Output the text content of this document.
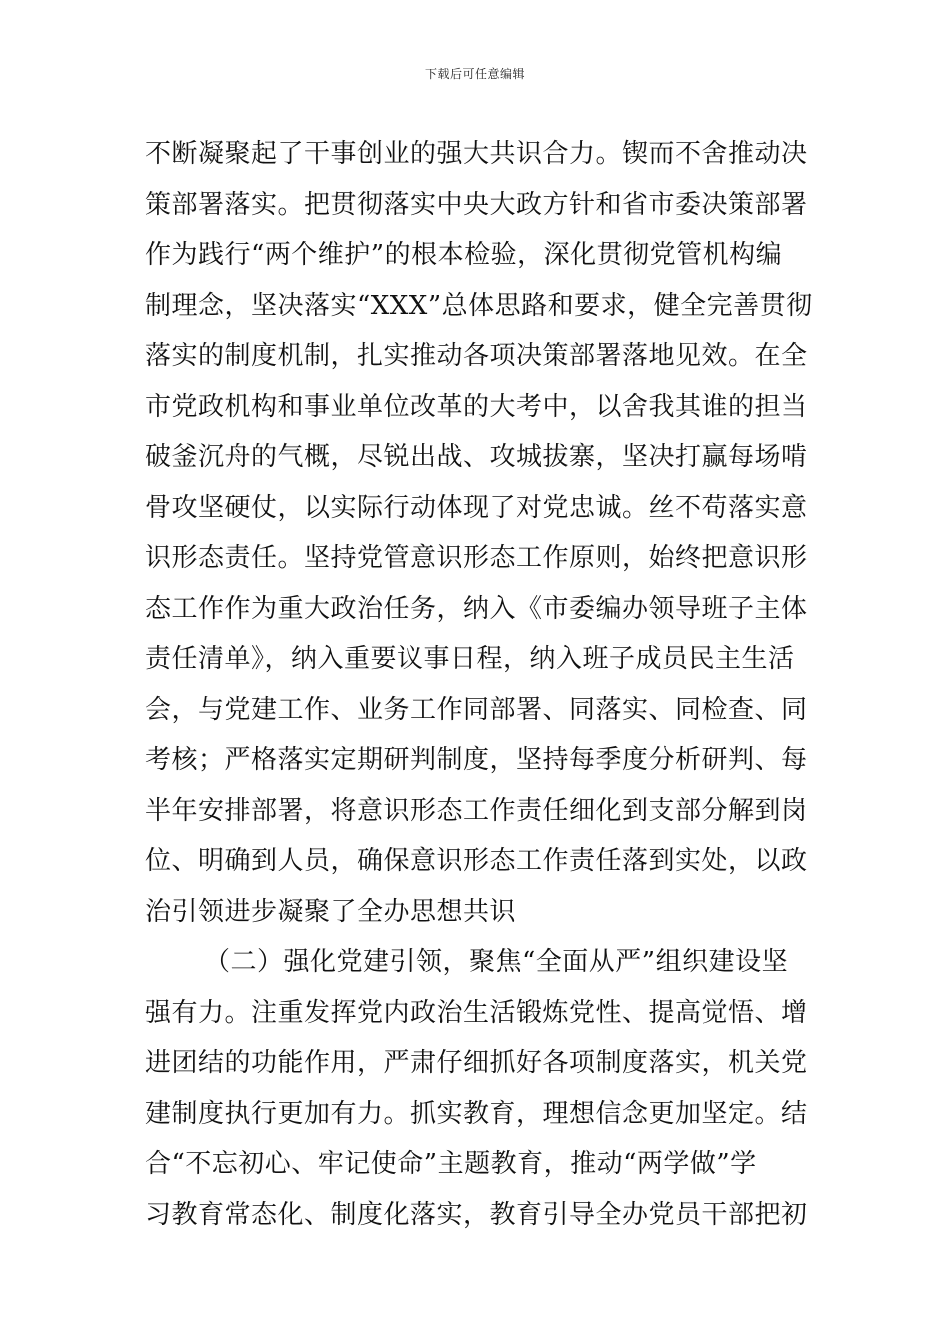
下载后可任意编辑
不断凝聚起了干事创业的强大共识合力。锲而不舍推动决
策部署落实。把贯彻落实中央大政方针和省市委决策部署
作为践行“两个维护”的根本检验，深化贯彻党管机构编
制理念，坚决落实“XXX”总体思路和要求，健全完善贯彻
落实的制度机制，扎实推动各项决策部署落地见效。在全
市党政机构和事业单位改革的大考中，以舍我其谁的担当
破釜沉舟的气概，尽锐出战、攻城拔寨，坚决打赢每场啃
骨攻坚硬仗，以实际行动体现了对党忠诚。丝不苟落实意
识形态责任。坚持党管意识形态工作原则，始终把意识形
态工作作为重大政治任务，纳入《市委编办领导班子主体
责任清单》，纳入重要议事日程，纳入班子成员民主生活
会，与党建工作、业务工作同部署、同落实、同检查、同
考核；严格落实定期研判制度，坚持每季度分析研判、每
半年安排部署，将意识形态工作责任细化到支部分解到岗
位、明确到人员，确保意识形态工作责任落到实处，以政
治引领进步凝聚了全办思想共识
（二）强化党建引领，聚焦“全面从严”组织建设坚
强有力。注重发挥党内政治生活锻炼党性、提高觉悟、增
进团结的功能作用，严肃仔细抓好各项制度落实，机关党
建制度执行更加有力。抓实教育，理想信念更加坚定。结
合“不忘初心、牢记使命”主题教育，推动“两学做”学
习教育常态化、制度化落实，教育引导全办党员干部把初
